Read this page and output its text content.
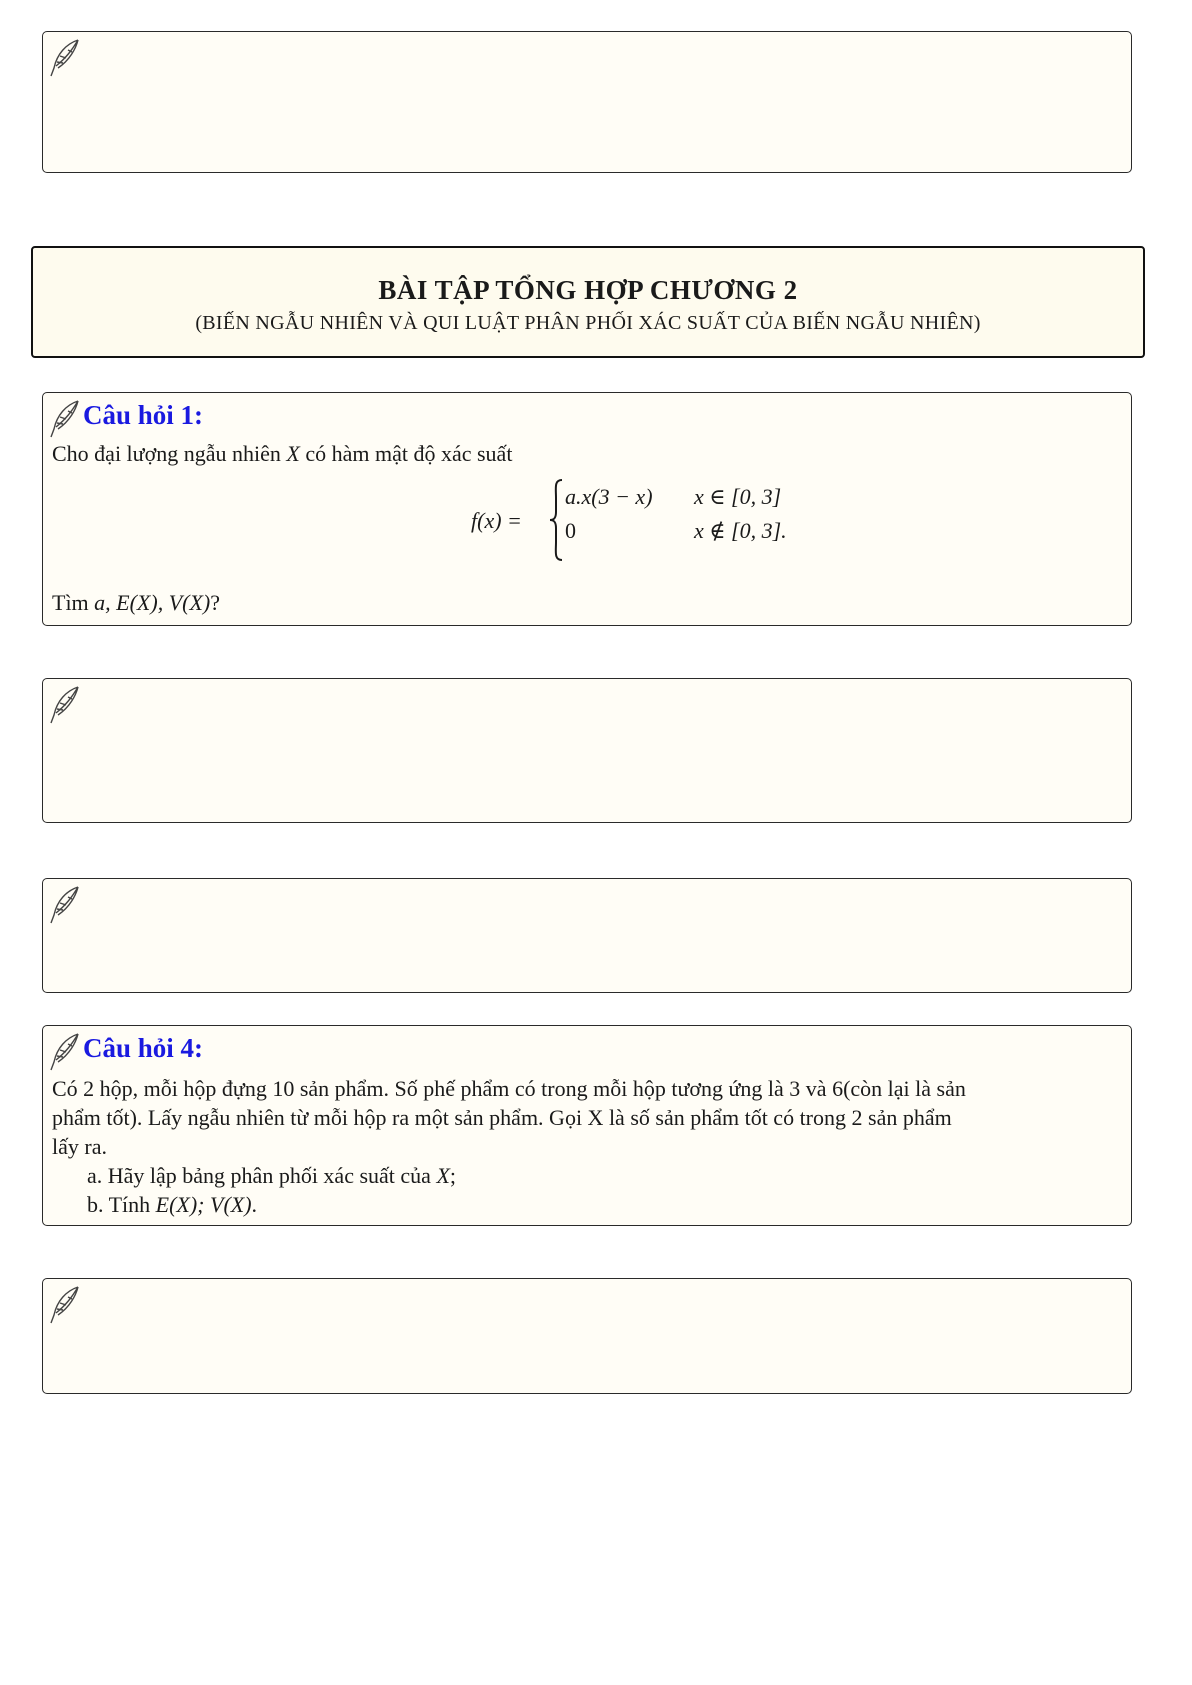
BÀI TẬP TỔNG HỢP CHƯƠNG 2
(BIẾN NGẪU NHIÊN VÀ QUI LUẬT PHÂN PHỐI XÁC SUẤT CỦA BIẾN NGẪU NHIÊN)
Câu hỏi 1:
Cho đại lượng ngẫu nhiên X có hàm mật độ xác suất
f(x) =
a.x(3 − x) x ∈ [0, 3]
0	x ∉ [0, 3].
Tìm a, E(X), V(X)?
Câu hỏi 4:
Có 2 hộp, mỗi hộp đựng 10 sản phẩm. Số phế phẩm có trong mỗi hộp tương ứng là 3 và 6(còn lại là sản
phẩm tốt). Lấy ngẫu nhiên từ mỗi hộp ra một sản phẩm. Gọi X là số sản phẩm tốt có trong 2 sản phẩm
lấy ra.
a. Hãy lập bảng phân phối xác suất của X;
b. Tính E(X); V(X).
